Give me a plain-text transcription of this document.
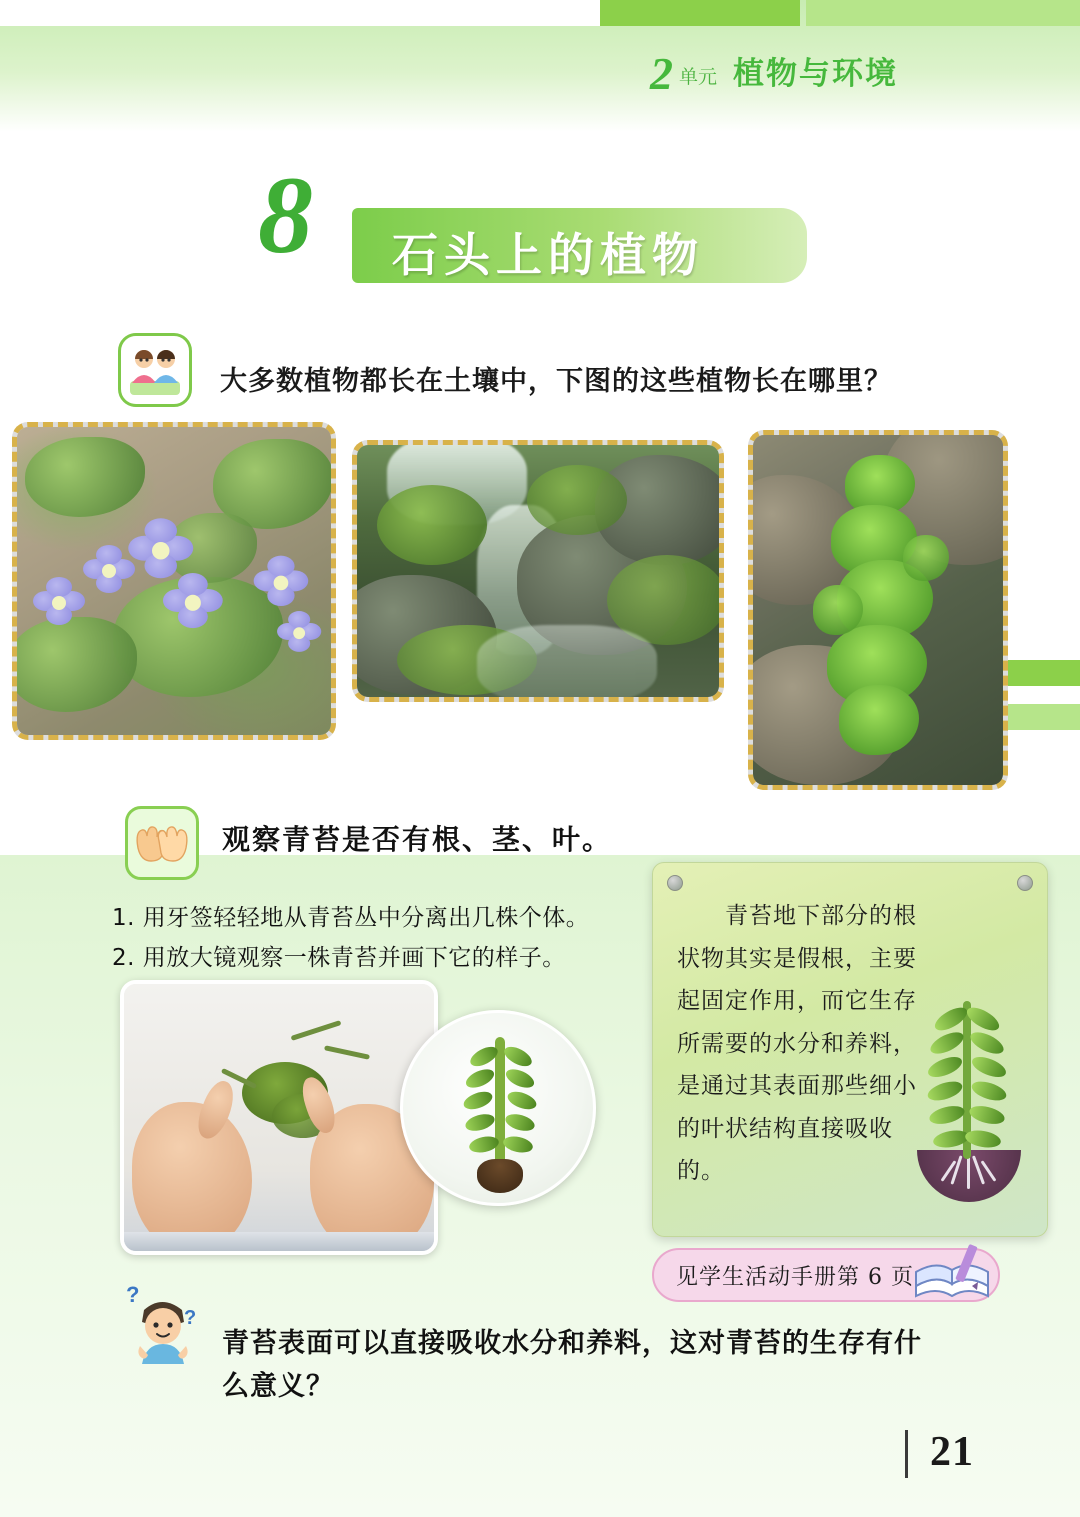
2 单元 植物与环境
8 石头上的植物
大多数植物都长在土壤中，下图的这些植物长在哪里？
观察青苔是否有根、茎、叶。
1. 用牙签轻轻地从青苔丛中分离出几株个体。
2. 用放大镜观察一株青苔并画下它的样子。
青苔地下部分的根状物其实是假根，主要起固定作用，而它生存所需要的水分和养料，是通过其表面那些细小的叶状结构直接吸收的。
见学生活动手册第 6 页
?
?
青苔表面可以直接吸收水分和养料，这对青苔的生存有什么意义？
21
